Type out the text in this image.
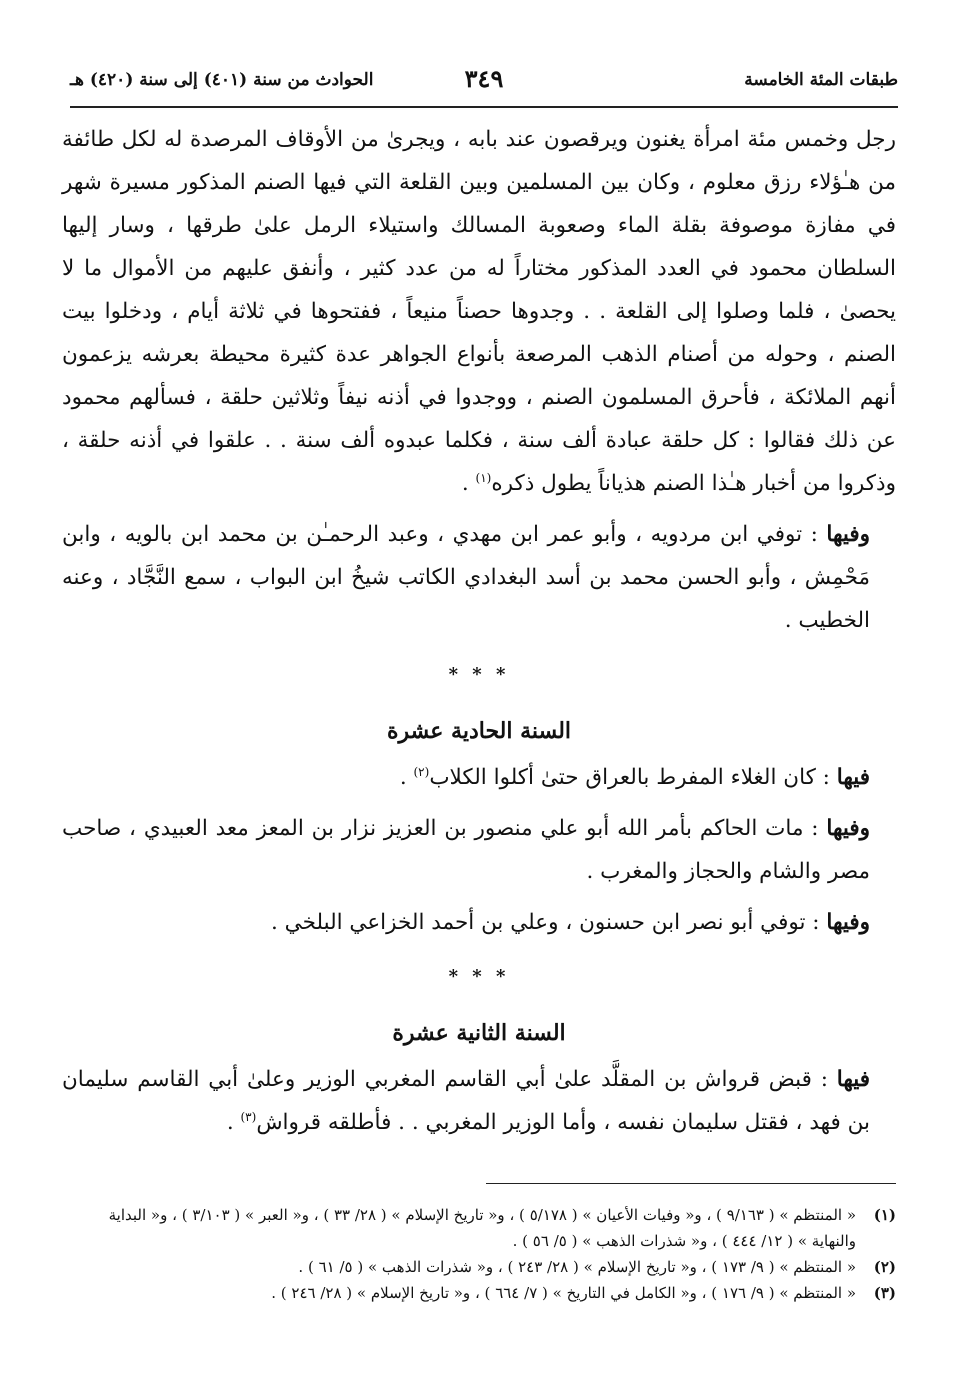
طبقات المئة الخامسة
٣٤٩
الحوادث من سنة (٤٠١) إلى سنة (٤٢٠) هـ

رجل وخمس مئة امرأة يغنون ويرقصون عند بابه ، ويجرىٰ من الأوقاف المرصدة له لكل طائفة من هـٰؤلاء رزق معلوم ، وكان بين المسلمين وبين القلعة التي فيها الصنم المذكور مسيرة شهر في مفازة موصوفة بقلة الماء وصعوبة المسالك واستيلاء الرمل علىٰ طرقها ، وسار إليها السلطان محمود في العدد المذكور مختاراً له من عدد كثير ، وأنفق عليهم من الأموال ما لا يحصىٰ ، فلما وصلوا إلى القلعة . . وجدوها حصناً منيعاً ، ففتحوها في ثلاثة أيام ، ودخلوا بيت الصنم ، وحوله من أصنام الذهب المرصعة بأنواع الجواهر عدة كثيرة محيطة بعرشه يزعمون أنهم الملائكة ، فأحرق المسلمون الصنم ، ووجدوا في أذنه نيفاً وثلاثين حلقة ، فسألهم محمود عن ذلك فقالوا : كل حلقة عبادة ألف سنة ، فكلما عبدوه ألف سنة . . علقوا في أذنه حلقة ، وذكروا من أخبار هـٰذا الصنم هذياناً يطول ذكره$^{(١)}$ .

وفيها : توفي ابن مردويه ، وأبو عمر ابن مهدي ، وعبد الرحمـٰن بن محمد ابن بالويه ، وابن مَحْمِش ، وأبو الحسن محمد بن أسد البغدادي الكاتب شيخُ ابن البواب ، سمع النَّجَّاد ، وعنه الخطيب .

* * *
السنة الحادية عشرة

فيها : كان الغلاء المفرط بالعراق حتىٰ أكلوا الكلاب$^{(٢)}$ .

وفيها : مات الحاكم بأمر الله أبو علي منصور بن العزيز نزار بن المعز معد العبيدي ، صاحب مصر والشام والحجاز والمغرب .

وفيها : توفي أبو نصر ابن حسنون ، وعلي بن أحمد الخزاعي البلخي .

* * *
السنة الثانية عشرة

فيها : قبض قرواش بن المقلَّد علىٰ أبي القاسم المغربي الوزير وعلىٰ أبي القاسم سليمان بن فهد ، فقتل سليمان نفسه ، وأما الوزير المغربي . . فأطلقه قرواش$^{(٣)}$ .

(١)
« المنتظم » ( ٩/١٦٣ ) ، و« وفيات الأعيان » ( ٥/١٧٨ ) ، و« تاريخ الإسلام » ( ٢٨/ ٣٣ ) ، و« العبر » ( ٣/١٠٣ ) ، و« البداية والنهاية » ( ١٢/ ٤٤٤ ) ، و« شذرات الذهب » ( ٥/ ٥٦ ) .
(٢)
« المنتظم » ( ٩/ ١٧٣ ) ، و« تاريخ الإسلام » ( ٢٨/ ٢٤٣ ) ، و« شذرات الذهب » ( ٥/ ٦١ ) .
(٣)
« المنتظم » ( ٩/ ١٧٦ ) ، و« الكامل في التاريخ » ( ٧/ ٦٦٤ ) ، و« تاريخ الإسلام » ( ٢٨/ ٢٤٦ ) .
